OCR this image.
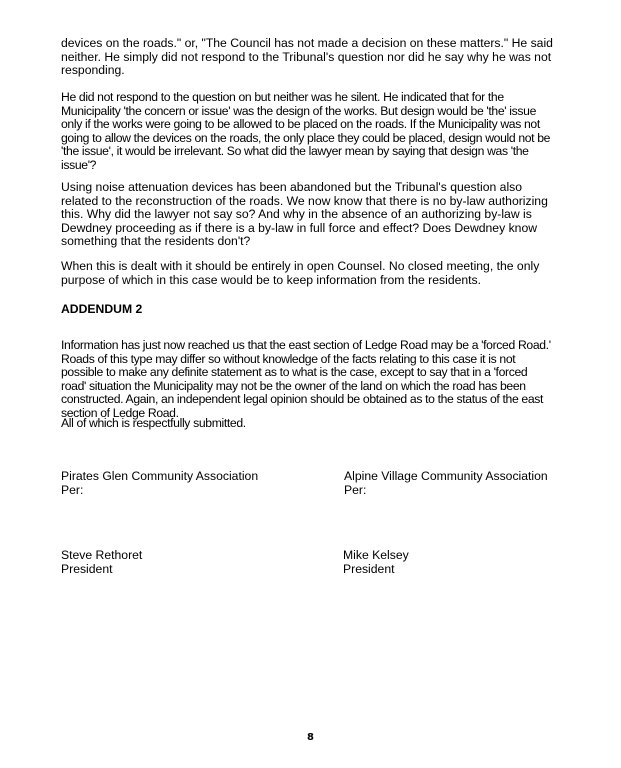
devices on the roads." or, "The Council has not made a decision on these matters." He said neither. He simply did not respond to the Tribunal's question nor did he say why he was not responding.

He did not respond to the question on but neither was he silent. He indicated that for the Municipality 'the concern or issue' was the design of the works. But design would be 'the' issue only if the works were going to be allowed to be placed on the roads. If the Municipality was not going to allow the devices on the roads, the only place they could be placed, design would not be 'the issue', it would be irrelevant. So what did the lawyer mean by saying that design was 'the issue'?

Using noise attenuation devices has been abandoned but the Tribunal's question also related to the reconstruction of the roads. We now know that there is no by-law authorizing this. Why did the lawyer not say so? And why in the absence of an authorizing by-law is Dewdney proceeding as if there is a by-law in full force and effect? Does Dewdney know something that the residents don't?

When this is dealt with it should be entirely in open Counsel. No closed meeting, the only purpose of which in this case would be to keep information from the residents.

ADDENDUM 2

Information has just now reached us that the east section of Ledge Road may be a 'forced Road.' Roads of this type may differ so without knowledge of the facts relating to this case it is not possible to make any definite statement as to what is the case, except to say that in a 'forced road' situation the Municipality may not be the owner of the land on which the road has been constructed. Again, an independent legal opinion should be obtained as to the status of the east section of Ledge Road.

All of which is respectfully submitted.

Pirates Glen Community Association
Per:
Alpine Village Community Association
Per:
Steve Rethoret
President
Mike Kelsey
President
8
